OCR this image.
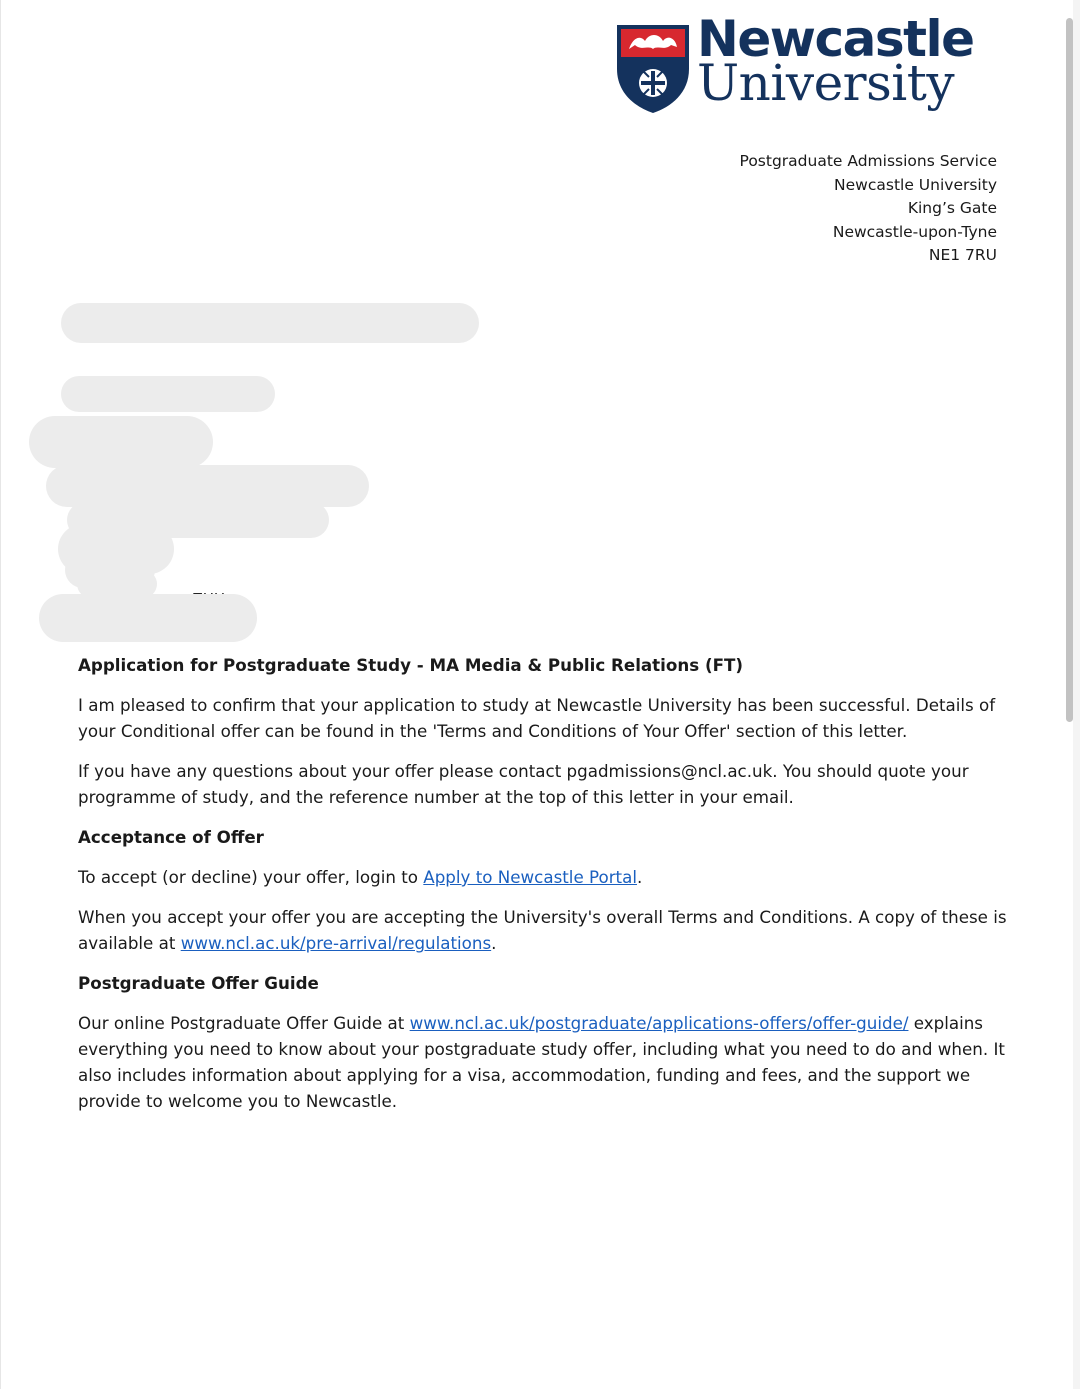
Newcastle
University
Postgraduate Admissions Service
Newcastle University
King’s Gate
Newcastle-upon-Tyne
NE1 7RU

Application for Postgraduate Study - MA Media & Public Relations (FT)

I am pleased to confirm that your application to study at Newcastle University has been successful. Details of your Conditional offer can be found in the 'Terms and Conditions of Your Offer' section of this letter.

If you have any questions about your offer please contact pgadmissions@ncl.ac.uk. You should quote your programme of study, and the reference number at the top of this letter in your email.

Acceptance of Offer

To accept (or decline) your offer, login to Apply to Newcastle Portal.

When you accept your offer you are accepting the University's overall Terms and Conditions. A copy of these is available at www.ncl.ac.uk/pre-arrival/regulations.

Postgraduate Offer Guide

Our online Postgraduate Offer Guide at www.ncl.ac.uk/postgraduate/applications-offers/offer-guide/ explains everything you need to know about your postgraduate study offer, including what you need to do and when. It also includes information about applying for a visa, accommodation, funding and fees, and the support we provide to welcome you to Newcastle.
